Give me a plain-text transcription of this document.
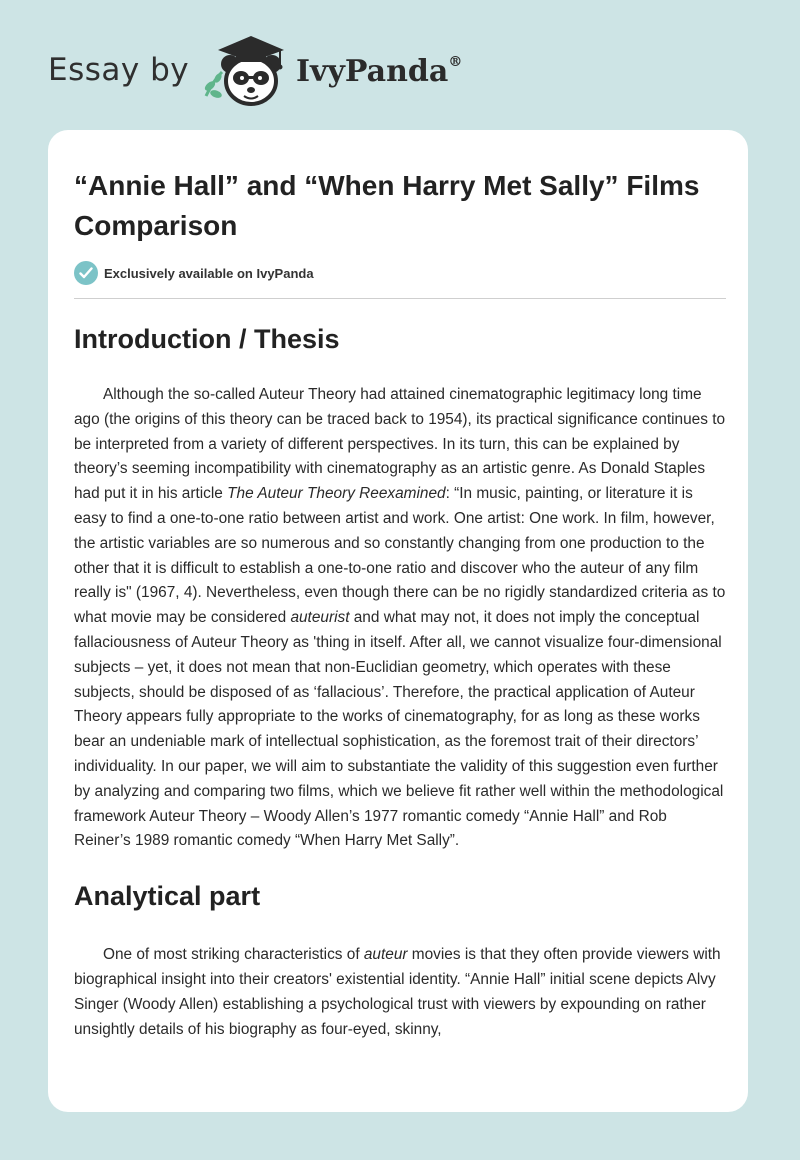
Essay by	IvyPanda®
“Annie Hall” and “When Harry Met Sally” Films Comparison
Exclusively available on IvyPanda
Introduction / Thesis

Although the so-called Auteur Theory had attained cinematographic legitimacy long time ago (the origins of this theory can be traced back to 1954), its practical significance continues to be interpreted from a variety of different perspectives. In its turn, this can be explained by theory’s seeming incompatibility with cinematography as an artistic genre. As Donald Staples had put it in his article The Auteur Theory Reexamined: “In music, painting, or literature it is easy to find a one-to-one ratio between artist and work. One artist: One work. In film, however, the artistic variables are so numerous and so constantly changing from one production to the other that it is difficult to establish a one-to-one ratio and discover who the auteur of any film really is" (1967, 4). Nevertheless, even though there can be no rigidly standardized criteria as to what movie may be considered auteurist and what may not, it does not imply the conceptual fallaciousness of Auteur Theory as 'thing in itself. After all, we cannot visualize four-dimensional subjects – yet, it does not mean that non-Euclidian geometry, which operates with these subjects, should be disposed of as ‘fallacious’. Therefore, the practical application of Auteur Theory appears fully appropriate to the works of cinematography, for as long as these works bear an undeniable mark of intellectual sophistication, as the foremost trait of their directors’ individuality. In our paper, we will aim to substantiate the validity of this suggestion even further by analyzing and comparing two films, which we believe fit rather well within the methodological framework Auteur Theory – Woody Allen’s 1977 romantic comedy “Annie Hall” and Rob Reiner’s 1989 romantic comedy “When Harry Met Sally”.

Analytical part

One of most striking characteristics of auteur movies is that they often provide viewers with biographical insight into their creators' existential identity. “Annie Hall” initial scene depicts Alvy Singer (Woody Allen) establishing a psychological trust with viewers by expounding on rather unsightly details of his biography as four-eyed, skinny,
